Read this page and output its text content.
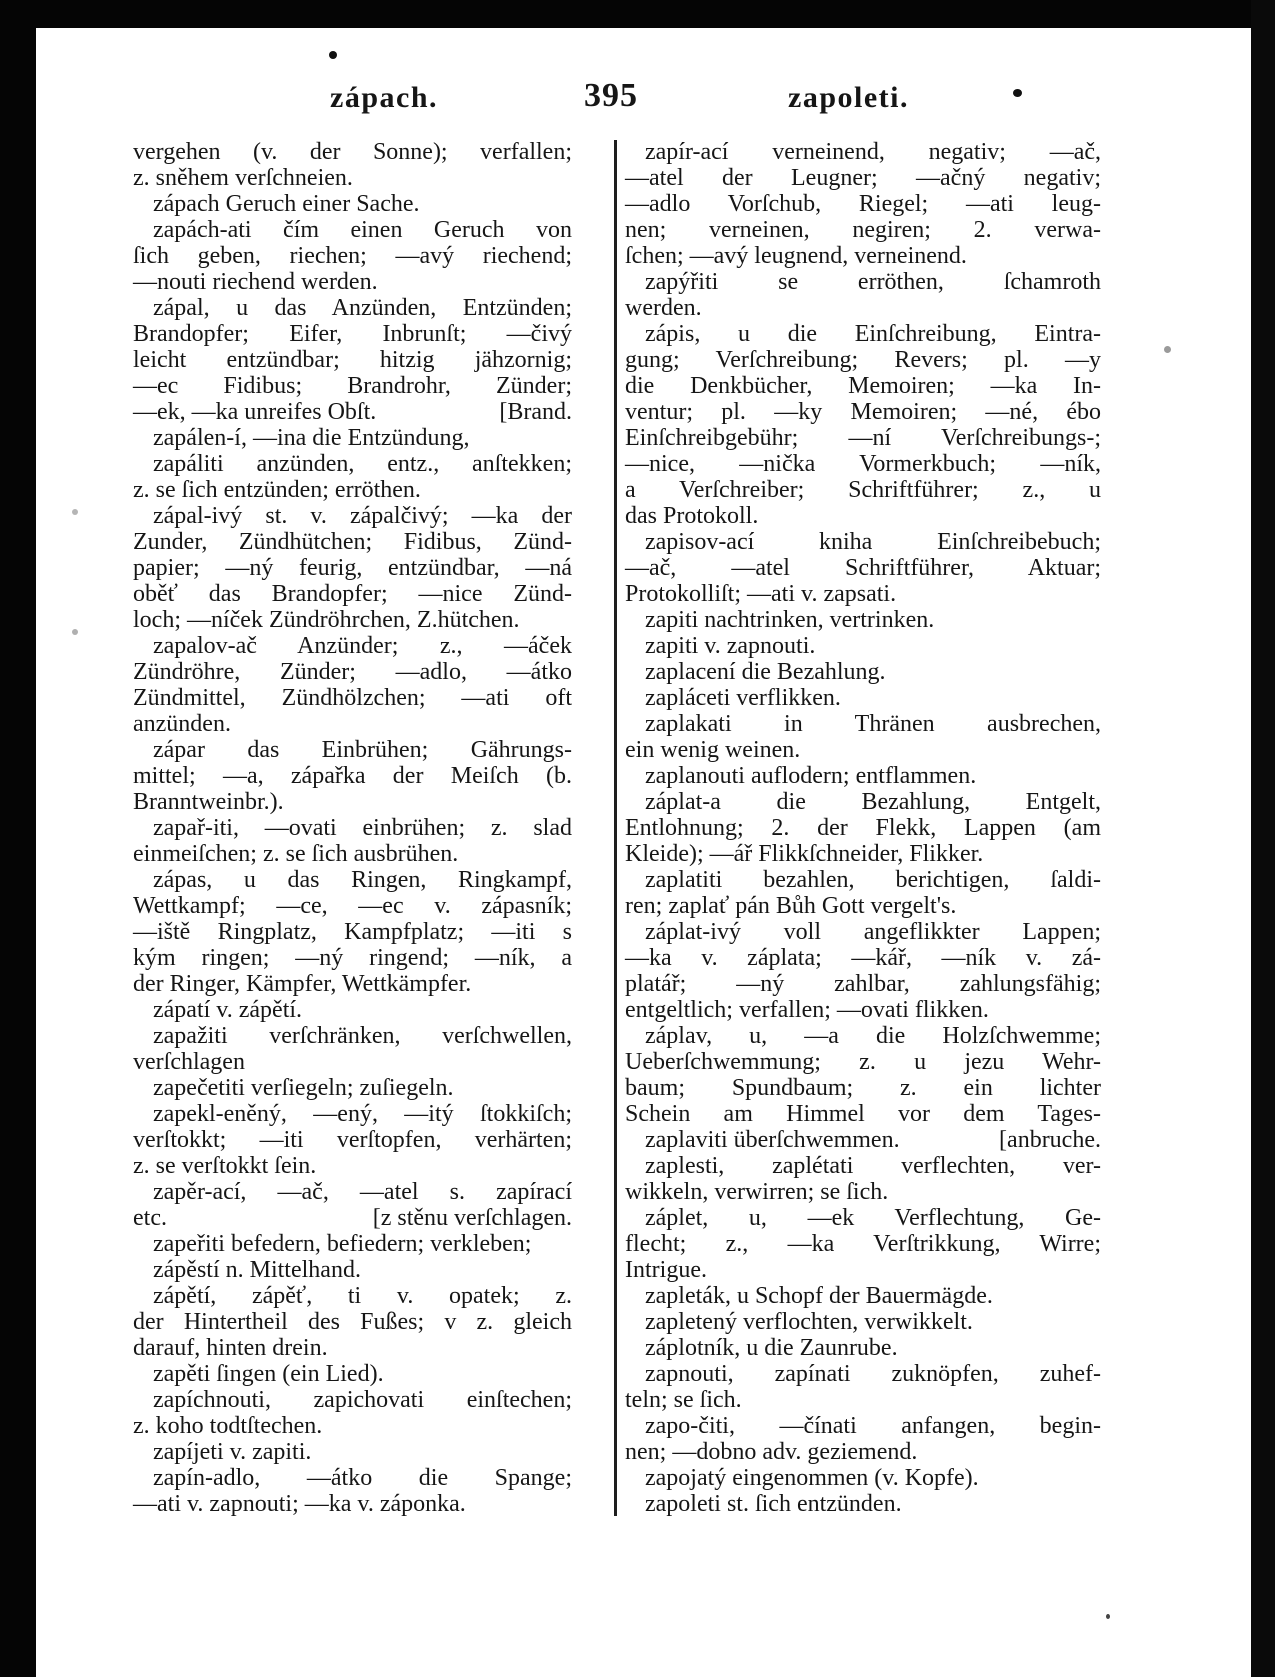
zápach.	395	zapoleti.
vergehen (v. der Sonne); verfallen;
z. sněhem verſchneien.
zápach Geruch einer Sache.
zapách-ati čím einen Geruch von
ſich geben, riechen; —avý riechend;
—nouti riechend werden.
zápal, u das Anzünden, Entzünden;
Brandopfer; Eifer, Inbrunſt; —čivý
leicht entzündbar; hitzig jähzornig;
—ec Fidibus; Brandrohr, Zünder;
—ek, —ka unreifes Obſt.	[Brand.
zapálen-í, —ina die Entzündung,
zapáliti anzünden, entz., anſtekken;
z. se ſich entzünden; erröthen.
zápal-ivý st. v. zápalčivý; —ka der
Zunder, Zündhütchen; Fidibus, Zünd-
papier; —ný feurig, entzündbar, —ná
oběť das Brandopfer; —nice Zünd-
loch; —níček Zündröhrchen, Z.hütchen.
zapalov-ač Anzünder; z., —áček
Zündröhre, Zünder; —adlo, —átko
Zündmittel, Zündhölzchen; —ati oft
anzünden.
zápar das Einbrühen; Gährungs-
mittel; —a, zápařka der Meiſch (b.
Branntweinbr.).
zapař-iti, —ovati einbrühen; z. slad
einmeiſchen; z. se ſich ausbrühen.
zápas, u das Ringen, Ringkampf,
Wettkampf; —ce, —ec v. zápasník;
—iště Ringplatz, Kampfplatz; —iti s
kým ringen; —ný ringend; —ník, a
der Ringer, Kämpfer, Wettkämpfer.
zápatí v. zápětí.
zapažiti verſchränken, verſchwellen,
verſchlagen
zapečetiti verſiegeln; zuſiegeln.
zapekl-eněný, —ený, —itý ſtokkiſch;
verſtokkt; —iti verſtopfen, verhärten;
z. se verſtokkt ſein.
zapěr-ací, —ač, —atel s. zapírací
etc.	[z stěnu verſchlagen.
zapeřiti befedern, befiedern; verkleben;
zápěstí n. Mittelhand.
zápětí, zápěť, ti v. opatek; z.
der Hintertheil des Fußes; v z. gleich
darauf, hinten drein.
zapěti ſingen (ein Lied).
zapíchnouti, zapichovati einſtechen;
z. koho todtſtechen.
zapíjeti v. zapiti.
zapín-adlo, —átko die Spange;
—ati v. zapnouti; —ka v. záponka.
zapír-ací verneinend, negativ; —ač,
—atel der Leugner; —ačný negativ;
—adlo Vorſchub, Riegel; —ati leug-
nen; verneinen, negiren; 2. verwa-
ſchen; —avý leugnend, verneinend.
zapýřiti se erröthen, ſchamroth
werden.
zápis, u die Einſchreibung, Eintra-
gung; Verſchreibung; Revers; pl. —y
die Denkbücher, Memoiren; —ka In-
ventur; pl. —ky Memoiren; —né, ébo
Einſchreibgebühr; —ní Verſchreibungs-;
—nice, —nička Vormerkbuch; —ník,
a Verſchreiber; Schriftführer; z., u
das Protokoll.
zapisov-ací kniha Einſchreibebuch;
—ač, —atel Schriftführer, Aktuar;
Protokolliſt; —ati v. zapsati.
zapiti nachtrinken, vertrinken.
zapiti v. zapnouti.
zaplacení die Bezahlung.
zapláceti verflikken.
zaplakati in Thränen ausbrechen,
ein wenig weinen.
zaplanouti auflodern; entflammen.
záplat-a die Bezahlung, Entgelt,
Entlohnung; 2. der Flekk, Lappen (am
Kleide); —ář Flikkſchneider, Flikker.
zaplatiti bezahlen, berichtigen, ſaldi-
ren; zaplať pán Bůh Gott vergelt's.
záplat-ivý voll angeflikkter Lappen;
—ka v. záplata; —kář, —ník v. zá-
platář; —ný zahlbar, zahlungsfähig;
entgeltlich; verfallen; —ovati flikken.
záplav, u, —a die Holzſchwemme;
Ueberſchwemmung; z. u jezu Wehr-
baum; Spundbaum; z. ein lichter
Schein am Himmel vor dem Tages-
zaplaviti überſchwemmen.	[anbruche.
zaplesti, zaplétati verflechten, ver-
wikkeln, verwirren; se ſich.
záplet, u, —ek Verflechtung, Ge-
flecht; z., —ka Verſtrikkung, Wirre;
Intrigue.
zapleták, u Schopf der Bauermägde.
zapletený verflochten, verwikkelt.
záplotník, u die Zaunrube.
zapnouti, zapínati zuknöpfen, zuhef-
teln; se ſich.
zapo-čiti, —čínati anfangen, begin-
nen; —dobno adv. geziemend.
zapojatý eingenommen (v. Kopfe).
zapoleti st. ſich entzünden.
